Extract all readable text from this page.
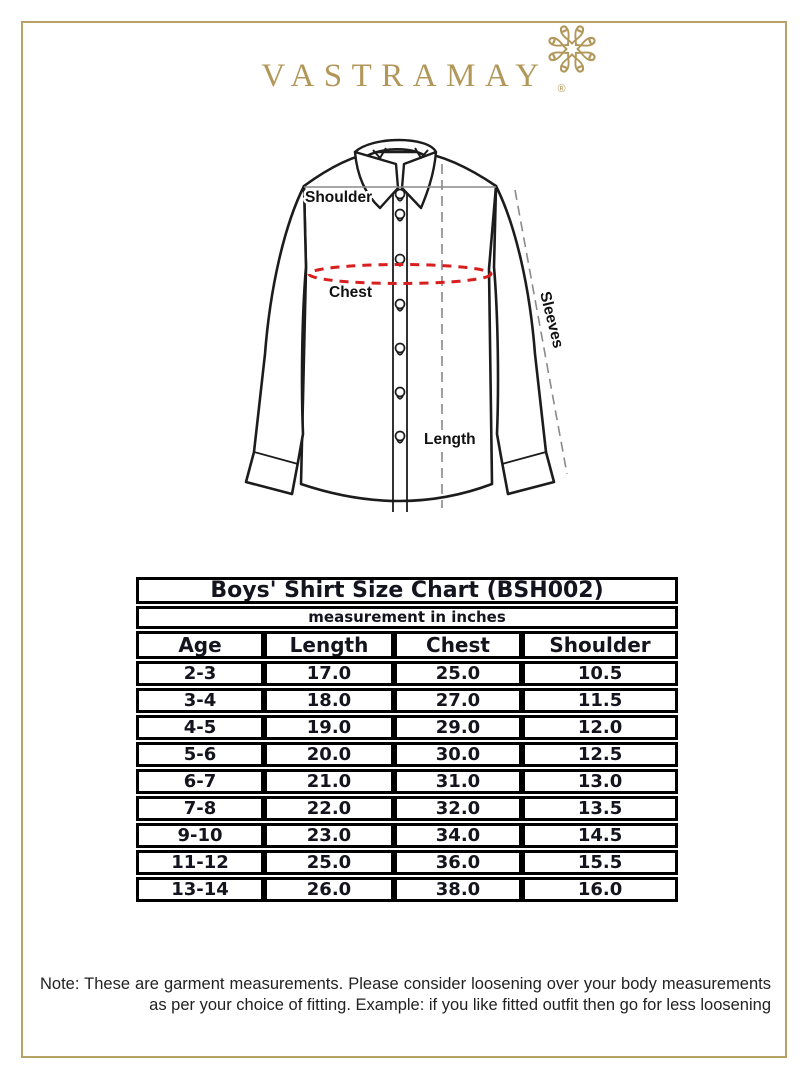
VASTRAMAY ®
Shoulder
Chest
Length
Sleeves
Boys' Shirt Size Chart (BSH002)			
measurement in inches			
Age	Length	Chest	Shoulder
2-3	17.0	25.0	10.5
3-4	18.0	27.0	11.5
4-5	19.0	29.0	12.0
5-6	20.0	30.0	12.5
6-7	21.0	31.0	13.0
7-8	22.0	32.0	13.5
9-10	23.0	34.0	14.5
11-12	25.0	36.0	15.5
13-14	26.0	38.0	16.0
Note: These are garment measurements. Please consider loosening over your body measurements
as per your choice of fitting. Example: if you like fitted outfit then go for less loosening
